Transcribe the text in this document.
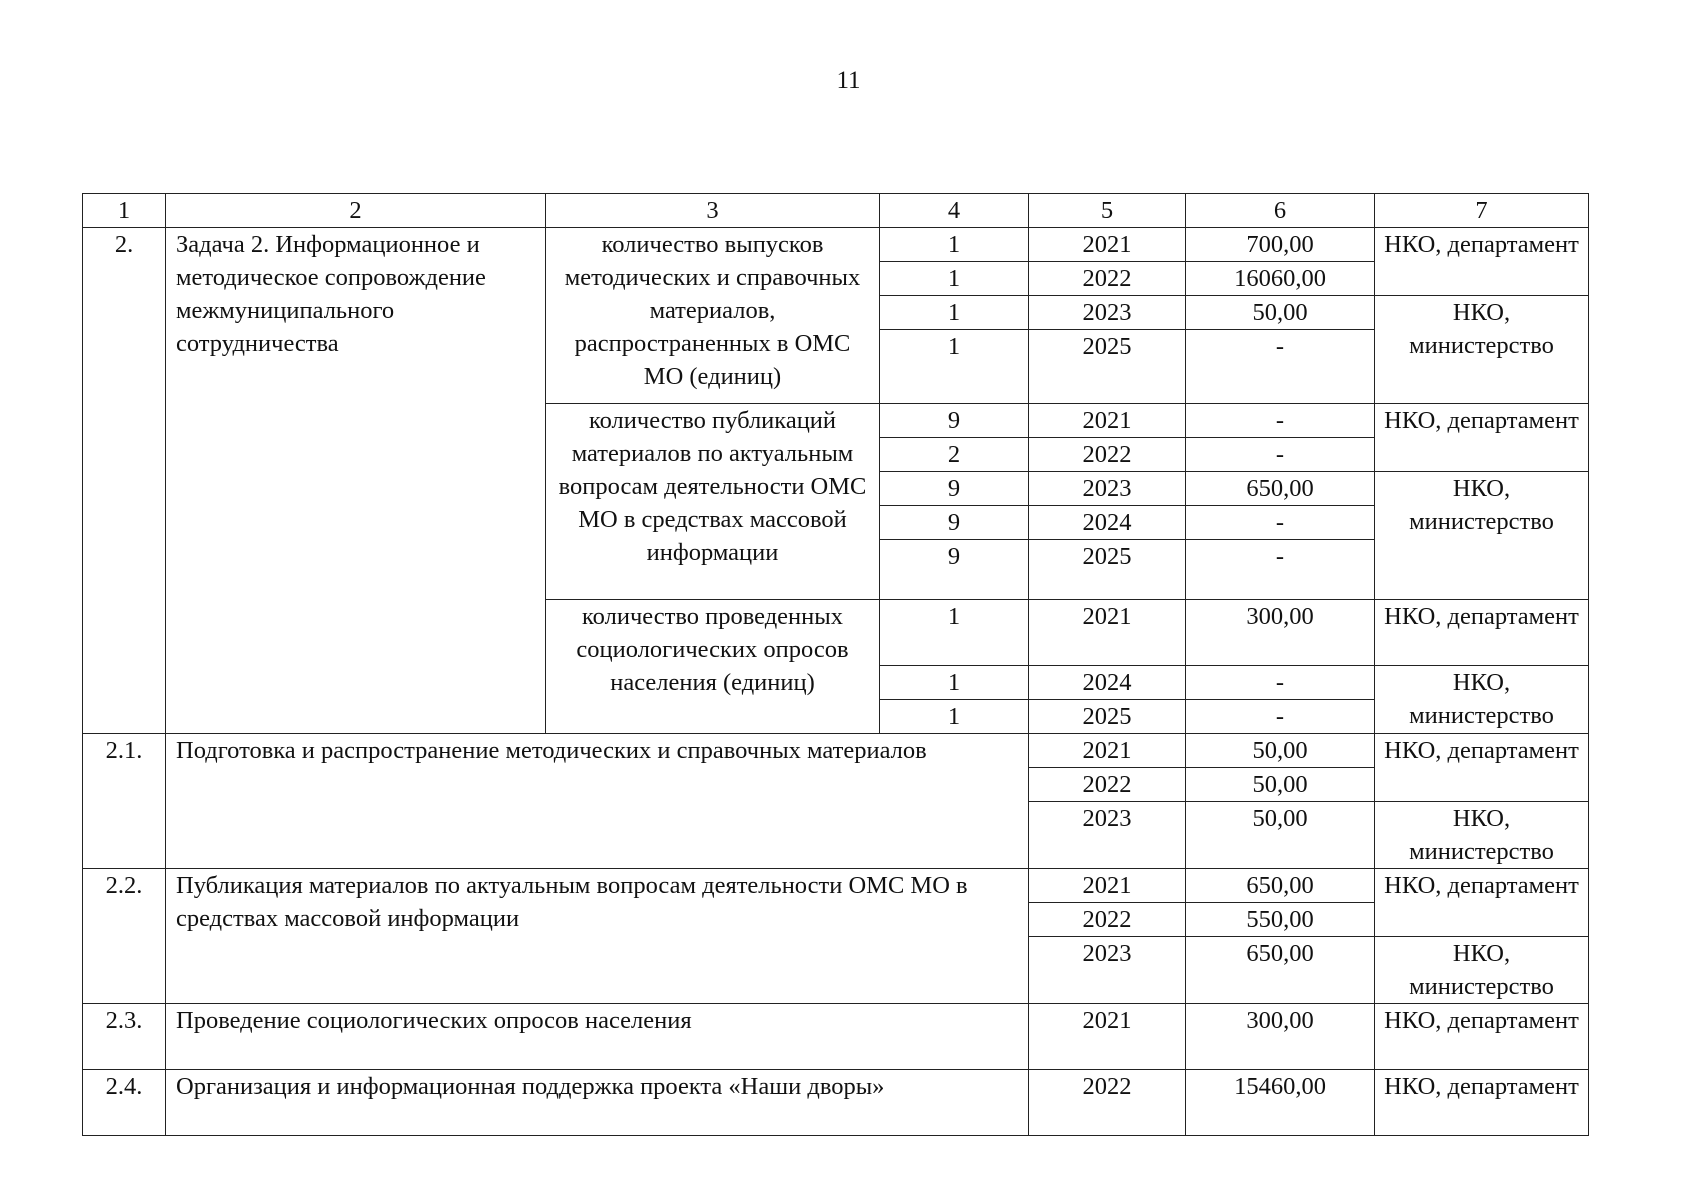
11
1	2	3	4	5	6	7
2.	Задача 2. Информационное и методическое сопровождение межмуниципального сотрудничества	количество выпусков методических и справочных материалов, распространенных в ОМС МО (единиц)	1	2021	700,00	НКО, департамент
			1	2022	16060,00	
			1	2023	50,00	НКО, министерство
			1	2025	-	

		количество публикаций материалов по актуальным вопросам деятельности ОМС МО в средствах массовой информации	9	2021	-	НКО, департамент
			2	2022	-	
			9	2023	650,00	НКО, министерство
			9	2024	-	
			9	2025	-	

		количество проведенных социологических опросов населения (единиц)	1	2021	300,00	НКО, департамент

			1	2024	-	НКО, министерство
			1	2025	-	
2.1.	Подготовка и распространение методических и справочных материалов			2021	50,00	НКО, департамент
				2022	50,00	
				2023	50,00	НКО, министерство

2.2.	Публикация материалов по актуальным вопросам деятельности ОМС МО в средствах массовой информации			2021	650,00	НКО, департамент
				2022	550,00	
				2023	650,00	НКО, министерство

2.3.	Проведение социологических опросов населения			2021	300,00	НКО, департамент
2.4.	Организация и информационная поддержка проекта «Наши дворы»			2022	15460,00	НКО, департамент
